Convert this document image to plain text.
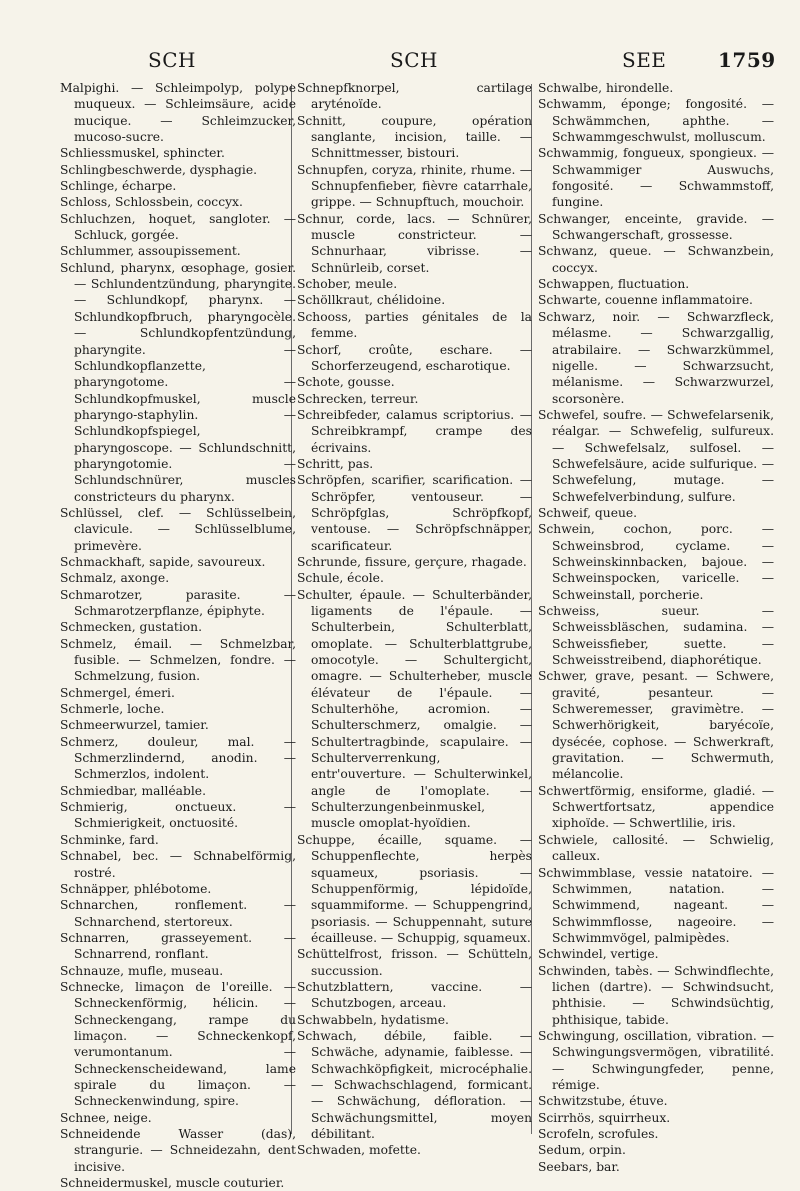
SCH	SCH	SEE	1759

Malpighi. — Schleimpolyp, polype muqueux. — Schleimsäure, acide mucique. — Schleimzucker, mucoso-sucre.

Schliessmuskel, sphincter.

Schlingbeschwerde, dysphagie.

Schlinge, écharpe.

Schloss, Schlossbein, coccyx.

Schluchzen, hoquet, sangloter. — Schluck, gorgée.

Schlummer, assoupissement.

Schlund, pharynx, œsophage, gosier. — Schlundentzündung, pharyngite. — Schlundkopf, pharynx. — Schlundkopfbruch, pharyngocèle. — Schlundkopfentzündung, pharyngite. — Schlundkopflanzette, pharyngotome. — Schlundkopfmuskel, muscle pharyngo-staphylin. — Schlundkopfspiegel, pharyngoscope. — Schlundschnitt, pharyngotomie. — Schlundschnürer, muscles constricteurs du pharynx.

Schlüssel, clef. — Schlüsselbein, clavicule. — Schlüsselblume, primevère.

Schmackhaft, sapide, savoureux.

Schmalz, axonge.

Schmarotzer, parasite. — Schmarotzerpflanze, épiphyte.

Schmecken, gustation.

Schmelz, émail. — Schmelzbar, fusible. — Schmelzen, fondre. — Schmelzung, fusion.

Schmergel, émeri.

Schmerle, loche.

Schmeerwurzel, tamier.

Schmerz, douleur, mal. — Schmerzlindernd, anodin. — Schmerzlos, indolent.

Schmiedbar, malléable.

Schmierig, onctueux. — Schmierigkeit, onctuosité.

Schminke, fard.

Schnabel, bec. — Schnabelförmig, rostré.

Schnäpper, phlébotome.

Schnarchen, ronflement. — Schnarchend, stertoreux.

Schnarren, grasseyement. — Schnarrend, ronflant.

Schnauze, mufle, museau.

Schnecke, limaçon de l'oreille. — Schneckenförmig, hélicin. — Schneckengang, rampe du limaçon. — Schneckenkopf, verumontanum. — Schneckenscheidewand, lame spirale du limaçon. — Schneckenwindung, spire.

Schnee, neige.

Schneidende Wasser (das), strangurie. — Schneidezahn, dent incisive.

Schneidermuskel, muscle couturier.

Schnepfknorpel, cartilage aryténoïde.

Schnitt, coupure, opération sanglante, incision, taille. — Schnittmesser, bistouri.

Schnupfen, coryza, rhinite, rhume. — Schnupfenfieber, fièvre catarrhale, grippe. — Schnupftuch, mouchoir.

Schnur, corde, lacs. — Schnürer, muscle constricteur. — Schnurhaar, vibrisse. — Schnürleib, corset.

Schober, meule.

Schöllkraut, chélidoine.

Schooss, parties génitales de la femme.

Schorf, croûte, eschare. — Schorferzeugend, escharotique.

Schote, gousse.

Schrecken, terreur.

Schreibfeder, calamus scriptorius. — Schreibkrampf, crampe des écrivains.

Schritt, pas.

Schröpfen, scarifier, scarification. — Schröpfer, ventouseur. — Schröpfglas, Schröpfkopf, ventouse. — Schröpfschnäpper, scarificateur.

Schrunde, fissure, gerçure, rhagade.

Schule, école.

Schulter, épaule. — Schulterbänder, ligaments de l'épaule. — Schulterbein, Schulterblatt, omoplate. — Schulterblattgrube, omocotyle. — Schultergicht, omagre. — Schulterheber, muscle élévateur de l'épaule. — Schulterhöhe, acromion. — Schulterschmerz, omalgie. — Schultertragbinde, scapulaire. — Schulterverrenkung, entr'ouverture. — Schulterwinkel, angle de l'omoplate. — Schulterzungenbeinmuskel, muscle omoplat-hyoïdien.

Schuppe, écaille, squame. — Schuppenflechte, herpès squameux, psoriasis. — Schuppenförmig, lépidoïde, squammiforme. — Schuppengrind, psoriasis. — Schuppennaht, suture écailleuse. — Schuppig, squameux.

Schüttelfrost, frisson. — Schütteln, succussion.

Schutzblattern, vaccine. — Schutzbogen, arceau.

Schwabbeln, hydatisme.

Schwach, débile, faible. — Schwäche, adynamie, faiblesse. — Schwachköpfigkeit, microcéphalie. — Schwachschlagend, formicant. — Schwächung, défloration. — Schwächungsmittel, moyen débilitant.

Schwaden, mofette.

Schwalbe, hirondelle.

Schwamm, éponge; fongosité. — Schwämmchen, aphthe. — Schwammgeschwulst, molluscum.

Schwammig, fongueux, spongieux. — Schwammiger Auswuchs, fongosité. — Schwammstoff, fungine.

Schwanger, enceinte, gravide. — Schwangerschaft, grossesse.

Schwanz, queue. — Schwanzbein, coccyx.

Schwappen, fluctuation.

Schwarte, couenne inflammatoire.

Schwarz, noir. — Schwarzfleck, mélasme. — Schwarzgallig, atrabilaire. — Schwarzkümmel, nigelle. — Schwarzsucht, mélanisme. — Schwarzwurzel, scorsonère.

Schwefel, soufre. — Schwefelarsenik, réalgar. — Schwefelig, sulfureux. — Schwefelsalz, sulfosel. — Schwefelsäure, acide sulfurique. — Schwefelung, mutage. — Schwefelverbindung, sulfure.

Schweif, queue.

Schwein, cochon, porc. — Schweinsbrod, cyclame. — Schweinskinnbacken, bajoue. — Schweinspocken, varicelle. — Schweinstall, porcherie.

Schweiss, sueur. — Schweissbläschen, sudamina. — Schweissfieber, suette. — Schweisstreibend, diaphorétique.

Schwer, grave, pesant. — Schwere, gravité, pesanteur. — Schweremesser, gravimètre. — Schwerhörigkeit, baryécoïe, dysécée, cophose. — Schwerkraft, gravitation. — Schwermuth, mélancolie.

Schwertförmig, ensiforme, gladié. — Schwertfortsatz, appendice xiphoïde. — Schwertlilie, iris.

Schwiele, callosité. — Schwielig, calleux.

Schwimmblase, vessie natatoire. — Schwimmen, natation. — Schwimmend, nageant. — Schwimmflosse, nageoire. — Schwimmvögel, palmipèdes.

Schwindel, vertige.

Schwinden, tabès. — Schwindflechte, lichen (dartre). — Schwindsucht, phthisie. — Schwindsüchtig, phthisique, tabide.

Schwingung, oscillation, vibration. — Schwingungsvermögen, vibratilité. — Schwingungfeder, penne, rémige.

Schwitzstube, étuve.

Scirrhös, squirrheux.

Scrofeln, scrofules.

Sedum, orpin.

Seebars, bar.
